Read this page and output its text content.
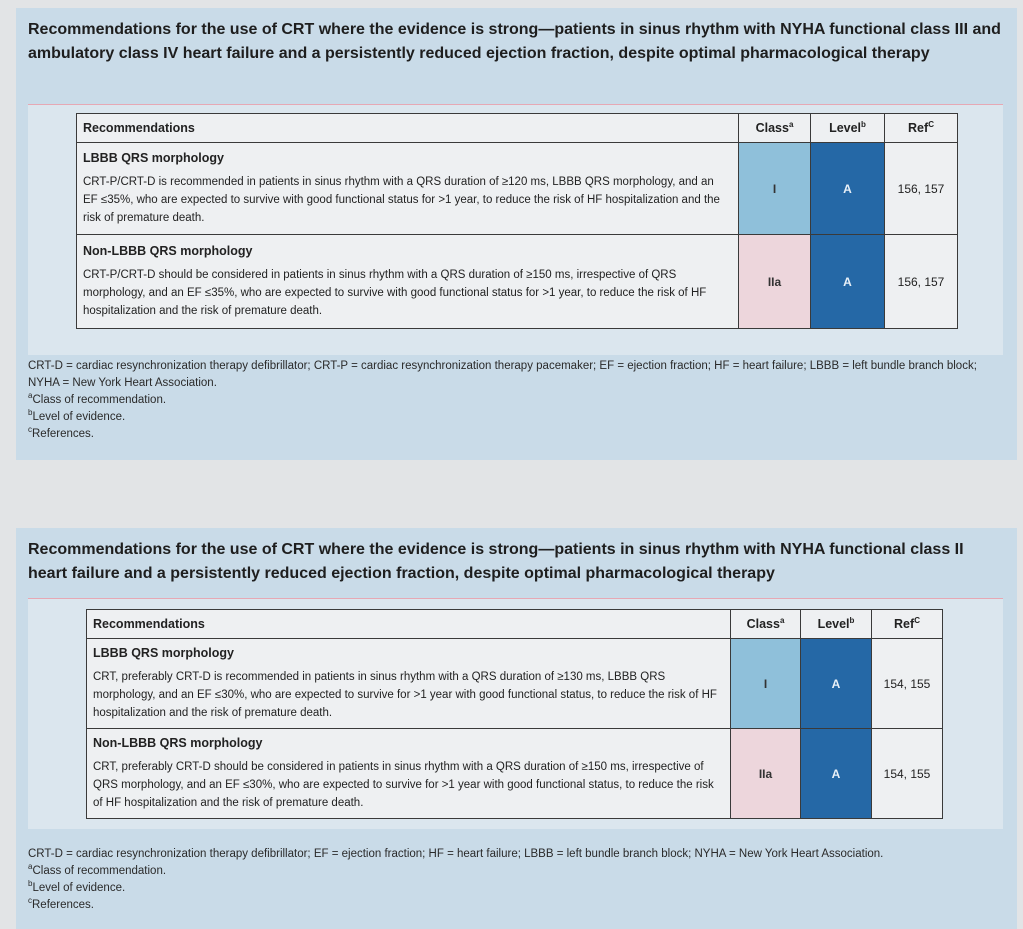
Recommendations for the use of CRT where the evidence is strong—patients in sinus rhythm with NYHA functional class III and ambulatory class IV heart failure and a persistently reduced ejection fraction, despite optimal pharmacological therapy
Recommendations	Class$^a$	Level$^b$	Ref$^C$

LBBB QRS morphology
CRT-P/CRT-D is recommended in patients in sinus rhythm with a QRS duration of ≥120 ms, LBBB QRS morphology, and an EF ≤35%, who are expected to survive with good functional status for >1 year, to reduce the risk of HF hospitalization and the risk of premature death.	I	A	156, 157

Non-LBBB QRS morphology
CRT-P/CRT-D should be considered in patients in sinus rhythm with a QRS duration of ≥150 ms, irrespective of QRS morphology, and an EF ≤35%, who are expected to survive with good functional status for >1 year, to reduce the risk of HF hospitalization and the risk of premature death.	IIa	A	156, 157
CRT-D = cardiac resynchronization therapy defibrillator; CRT-P = cardiac resynchronization therapy pacemaker; EF = ejection fraction; HF = heart failure; LBBB = left bundle branch block; NYHA = New York Heart Association.
$^a$Class of recommendation.
$^b$Level of evidence.
$^c$References.
Recommendations for the use of CRT where the evidence is strong—patients in sinus rhythm with NYHA functional class II heart failure and a persistently reduced ejection fraction, despite optimal pharmacological therapy
Recommendations	Class$^a$	Level$^b$	Ref$^C$

LBBB QRS morphology
CRT, preferably CRT-D is recommended in patients in sinus rhythm with a QRS duration of ≥130 ms, LBBB QRS morphology, and an EF ≤30%, who are expected to survive for >1 year with good functional status, to reduce the risk of HF hospitalization and the risk of premature death.	I	A	154, 155

Non-LBBB QRS morphology
CRT, preferably CRT-D should be considered in patients in sinus rhythm with a QRS duration of ≥150 ms, irrespective of QRS morphology, and an EF ≤30%, who are expected to survive for >1 year with good functional status, to reduce the risk of HF hospitalization and the risk of premature death.	IIa	A	154, 155
CRT-D = cardiac resynchronization therapy defibrillator; EF = ejection fraction; HF = heart failure; LBBB = left bundle branch block; NYHA = New York Heart Association.
$^a$Class of recommendation.
$^b$Level of evidence.
$^c$References.
